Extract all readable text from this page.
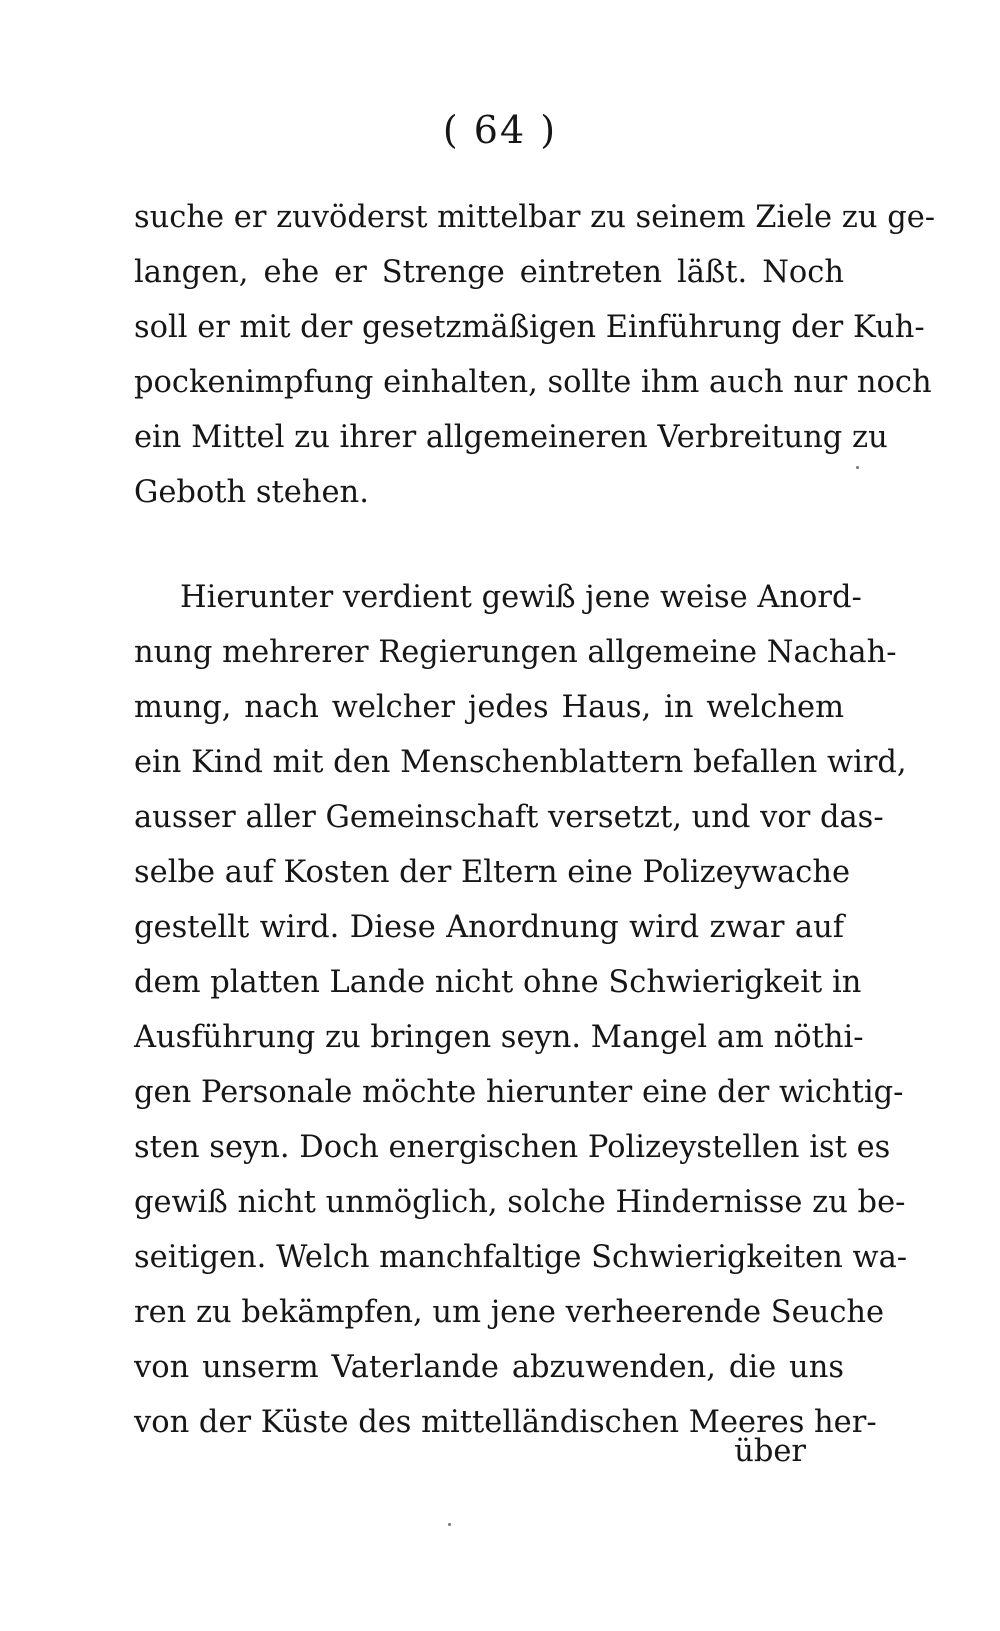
( 64 )
suche er zuvöderst mittelbar zu seinem Ziele zu ge-
langen, ehe er Strenge eintreten läßt. Noch
soll er mit der gesetzmäßigen Einführung der Kuh-
pockenimpfung einhalten, sollte ihm auch nur noch
ein Mittel zu ihrer allgemeineren Verbreitung zu
Geboth stehen.
Hierunter verdient gewiß jene weise Anord-
nung mehrerer Regierungen allgemeine Nachah-
mung, nach welcher jedes Haus, in welchem
ein Kind mit den Menschenblattern befallen wird,
ausser aller Gemeinschaft versetzt, und vor das-
selbe auf Kosten der Eltern eine Polizeywache
gestellt wird. Diese Anordnung wird zwar auf
dem platten Lande nicht ohne Schwierigkeit in
Ausführung zu bringen seyn. Mangel am nöthi-
gen Personale möchte hierunter eine der wichtig-
sten seyn. Doch energischen Polizeystellen ist es
gewiß nicht unmöglich, solche Hindernisse zu be-
seitigen. Welch manchfaltige Schwierigkeiten wa-
ren zu bekämpfen, um jene verheerende Seuche
von unserm Vaterlande abzuwenden, die uns
von der Küste des mittelländischen Meeres her-
über
